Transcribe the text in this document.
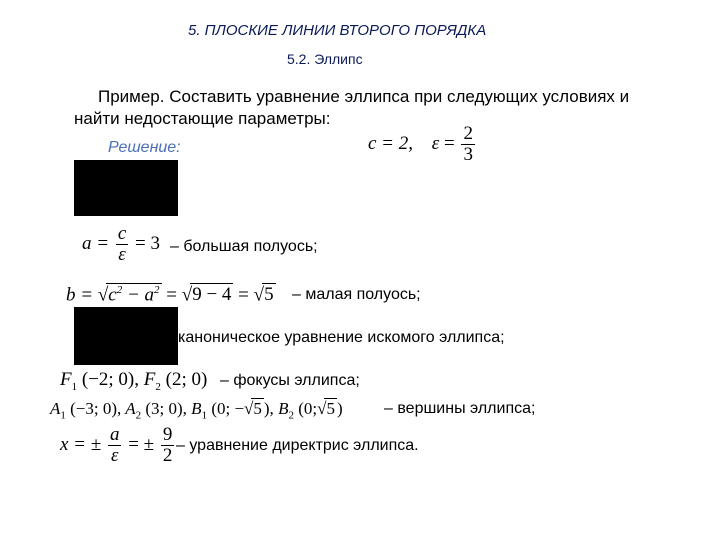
5. ПЛОСКИЕ ЛИНИИ ВТОРОГО ПОРЯДКА
5.2. Эллипс
Пример. Составить уравнение эллипса при следующих условиях и
найти недостающие параметры:
c = 2, $\varepsilon = \frac{2}{3}$
Решение:
$a = \frac{c}{\varepsilon} = 3$ – большая полуось;
$b = √c^2 - a^2 = √9 - 4 = √5$ – малая полуось;
каноническое уравнение искомого эллипса;
$F_1$ (−2; 0), $F_2$ (2; 0) – фокусы эллипса;
$A_1$ (−3; 0), $A_2$ (3; 0), $B_1$ (0; −√5 ), $B_2$ (0;√5 )	– вершины эллипса;
x = ± $\frac{a}{\varepsilon}$ = ± $\frac{9}{2}$ – уравнение директрис эллипса.
